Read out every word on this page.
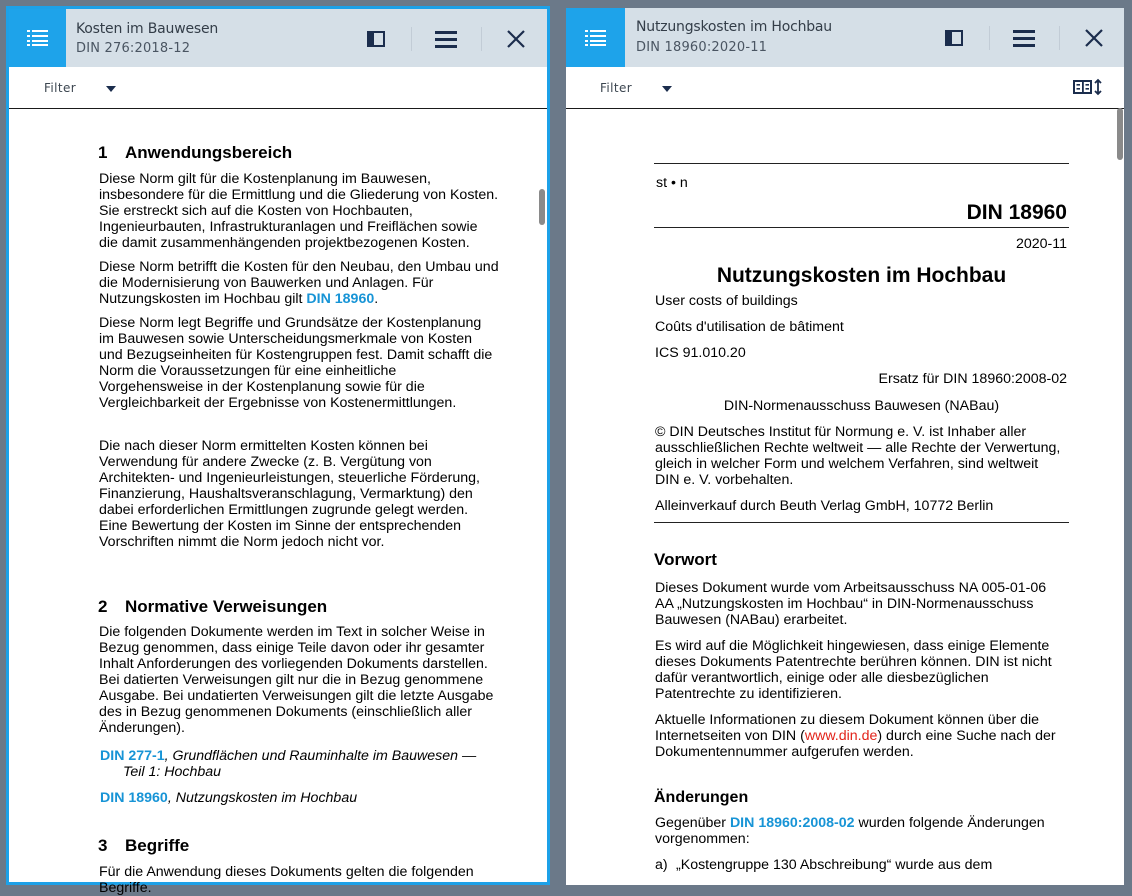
Kosten im Bauwesen
DIN 276:2018-12
Filter
1 Anwendungsbereich

Diese Norm gilt für die Kostenplanung im Bauwesen, insbesondere für die Ermittlung und die Gliederung von Kosten. Sie erstreckt sich auf die Kosten von Hochbauten, Ingenieurbauten, Infrastrukturanlagen und Freiflächen sowie die damit zusammenhängenden projektbezogenen Kosten.

Diese Norm betrifft die Kosten für den Neubau, den Umbau und die Modernisierung von Bauwerken und Anlagen. Für Nutzungskosten im Hochbau gilt DIN 18960.

Diese Norm legt Begriffe und Grundsätze der Kostenplanung im Bauwesen sowie Unterscheidungsmerkmale von Kosten und Bezugseinheiten für Kostengruppen fest. Damit schafft die Norm die Voraussetzungen für eine einheitliche Vorgehensweise in der Kostenplanung sowie für die Vergleichbarkeit der Ergebnisse von Kostenermittlungen.

Die nach dieser Norm ermittelten Kosten können bei Verwendung für andere Zwecke (z. B. Vergütung von Architekten- und Ingenieurleistungen, steuerliche Förderung, Finanzierung, Haushaltsveranschlagung, Vermarktung) den dabei erforderlichen Ermittlungen zugrunde gelegt werden. Eine Bewertung der Kosten im Sinne der entsprechenden Vorschriften nimmt die Norm jedoch nicht vor.

2 Normative Verweisungen

Die folgenden Dokumente werden im Text in solcher Weise in Bezug genommen, dass einige Teile davon oder ihr gesamter Inhalt Anforderungen des vorliegenden Dokuments darstellen. Bei datierten Verweisungen gilt nur die in Bezug genommene Ausgabe. Bei undatierten Verweisungen gilt die letzte Ausgabe des in Bezug genommenen Dokuments (einschließlich aller Änderungen).

DIN 277-1, Grundflächen und Rauminhalte im Bauwesen — Teil 1: Hochbau

DIN 18960, Nutzungskosten im Hochbau

3 Begriffe

Für die Anwendung dieses Dokuments gelten die folgenden Begriffe.

Nutzungskosten im Hochbau
DIN 18960:2020-11
Filter

st • n

DIN 18960

2020-11

Nutzungskosten im Hochbau

User costs of buildings

Coûts d'utilisation de bâtiment

ICS 91.010.20

Ersatz für DIN 18960:2008-02

DIN-Normenausschuss Bauwesen (NABau)

© DIN Deutsches Institut für Normung e. V. ist Inhaber aller ausschließlichen Rechte weltweit — alle Rechte der Verwertung, gleich in welcher Form und welchem Verfahren, sind weltweit DIN e. V. vorbehalten.

Alleinverkauf durch Beuth Verlag GmbH, 10772 Berlin

Vorwort

Dieses Dokument wurde vom Arbeitsausschuss NA 005-01-06 AA „Nutzungskosten im Hochbau“ in DIN-Normenausschuss Bauwesen (NABau) erarbeitet.

Es wird auf die Möglichkeit hingewiesen, dass einige Elemente dieses Dokuments Patentrechte berühren können. DIN ist nicht dafür verantwortlich, einige oder alle diesbezüglichen Patentrechte zu identifizieren.

Aktuelle Informationen zu diesem Dokument können über die Internetseiten von DIN (www.din.de) durch eine Suche nach der Dokumentennummer aufgerufen werden.

Änderungen

Gegenüber DIN 18960:2008-02 wurden folgende Änderungen vorgenommen:

a) „Kostengruppe 130 Abschreibung“ wurde aus dem
